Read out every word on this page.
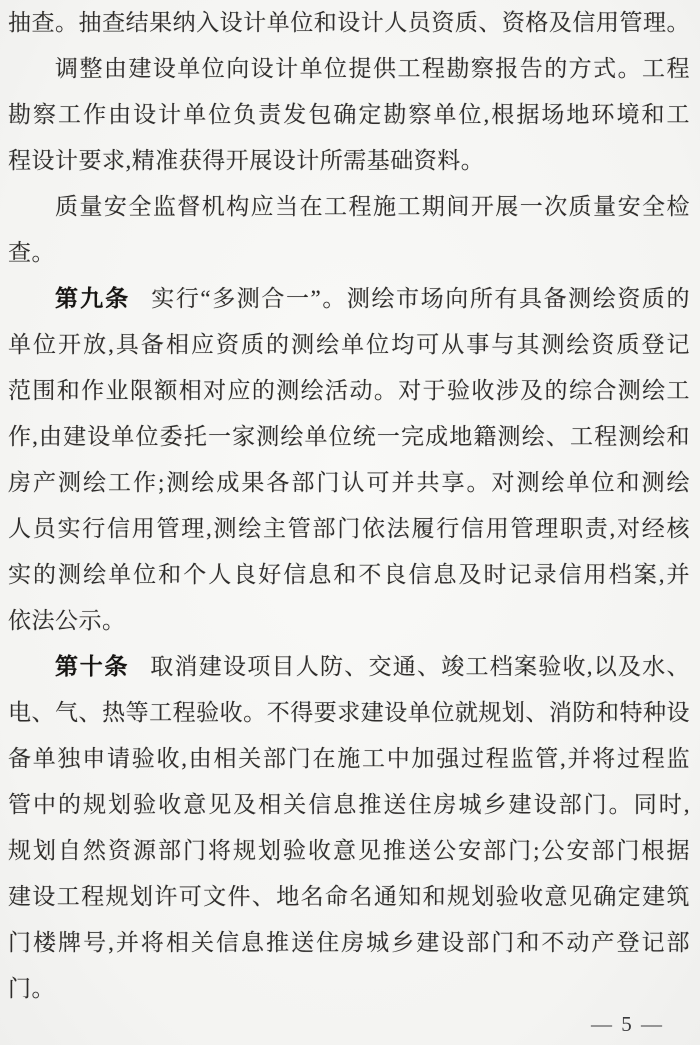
抽查。抽查结果纳入设计单位和设计人员资质、资格及信用管理。
调整由建设单位向设计单位提供工程勘察报告的方式。工程
勘察工作由设计单位负责发包确定勘察单位,根据场地环境和工
程设计要求,精准获得开展设计所需基础资料。
质量安全监督机构应当在工程施工期间开展一次质量安全检
查。
第九条 实行“多测合一”。测绘市场向所有具备测绘资质的
单位开放,具备相应资质的测绘单位均可从事与其测绘资质登记
范围和作业限额相对应的测绘活动。对于验收涉及的综合测绘工
作,由建设单位委托一家测绘单位统一完成地籍测绘、工程测绘和
房产测绘工作;测绘成果各部门认可并共享。对测绘单位和测绘
人员实行信用管理,测绘主管部门依法履行信用管理职责,对经核
实的测绘单位和个人良好信息和不良信息及时记录信用档案,并
依法公示。
第十条 取消建设项目人防、交通、竣工档案验收,以及水、
电、气、热等工程验收。不得要求建设单位就规划、消防和特种设
备单独申请验收,由相关部门在施工中加强过程监管,并将过程监
管中的规划验收意见及相关信息推送住房城乡建设部门。同时,
规划自然资源部门将规划验收意见推送公安部门;公安部门根据
建设工程规划许可文件、地名命名通知和规划验收意见确定建筑
门楼牌号,并将相关信息推送住房城乡建设部门和不动产登记部
门。
— 5 —
